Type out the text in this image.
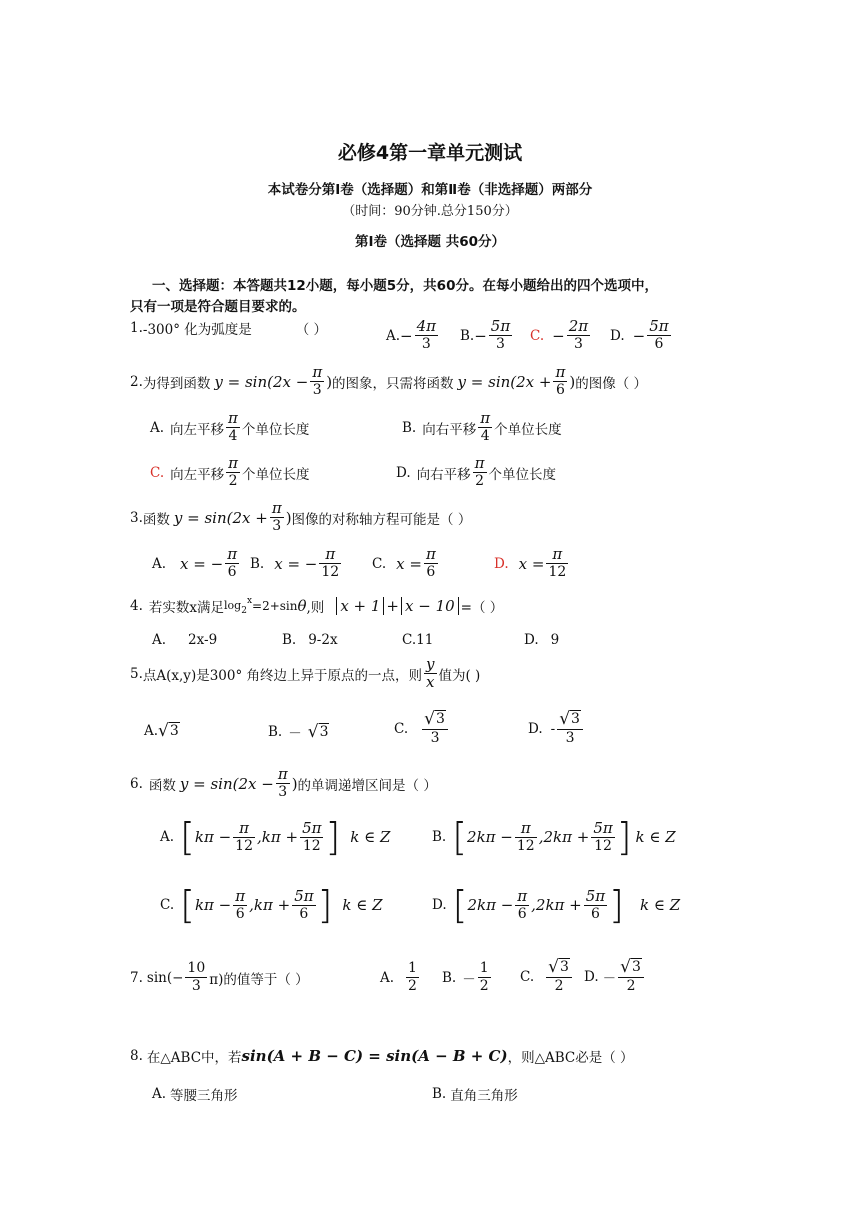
必修4第一章单元测试
本试卷分第Ⅰ卷（选择题）和第Ⅱ卷（非选择题）两部分
（时间：90分钟.总分150分）
第Ⅰ卷（选择题 共60分）
一、选择题：本答题共12小题，每小题5分，共60分。在每小题给出的四个选项中，
只有一项是符合题目要求的。
1. -300° 化为弧度是	（ ）	A. − $\frac{4\pi}{3} B$. − $\frac{5\pi}{3} C$. − $\frac{2\pi}{3} D$. − $\frac{5\pi}{6}$
2. 为得到函数 $y = \sin(2x - \frac{\pi}{3}$ ) 的图象，只需将函数 $y = \sin(2x + \frac{\pi}{6}$ ) 的图像（ ）
A. 向左平移 $\frac{\pi}{4}$ 个单位长度	B. 向右平移 $\frac{\pi}{4}$ 个单位长度
C. 向左平移 $\frac{\pi}{2}$ 个单位长度	D. 向右平移 $\frac{\pi}{2}$ 个单位长度
3. 函数 $y = \sin(2x + \frac{\pi}{3}$ ) 图像的对称轴方程可能是（ ）
A. x = − $\frac{\pi}{6} B$. x = − $\frac{\pi}{12} C$. $x = \frac{\pi}{6}$	D. $x = \frac{\pi}{12}$
4. 若实数x满足 $\log_2^x =2+\sin$ θ ,则 x + 1 + x − 10 =（ ）
A. 2x-9	B. 9-2x	C. 11	D. 9
5. 点A(x,y)是300° 角终边上异于原点的一点，则 $\frac{y}{x}$ 值为( )
A. √ 3	B. － √ 3	C. $\frac{√ 3}{3}$	D. - $\frac{√ 3}{3}$
6. 函数 $y = \sin(2x - \frac{\pi}{3}$ ) 的单调递增区间是（ ）
A. [ $k\pi - \frac{\pi}{12} ,k\pi + \frac{5\pi}{12}$ ] k ∈ Z	B. [ $2k\pi - \frac{\pi}{12} ,2k\pi + \frac{5\pi}{12}$ ] k ∈ Z
C. [ $k\pi - \frac{\pi}{6} ,k\pi + \frac{5\pi}{6}$ ] k ∈ Z	D. [ $2k\pi - \frac{\pi}{6} ,2k\pi + \frac{5\pi}{6}$ ] k ∈ Z
7. $\sin(- \frac{10}{3} \pi)$的值等于（ ）	A. $\frac{1}{2} B$. － $\frac{1}{2} C$. $\frac{√ 3}{2} D$. － $\frac{√ 3}{2}$
8. 在△ABC中，若 sin(A + B − C) = sin(A − B + C) ，则△ABC必是（ ）
A. 等腰三角形	B. 直角三角形
